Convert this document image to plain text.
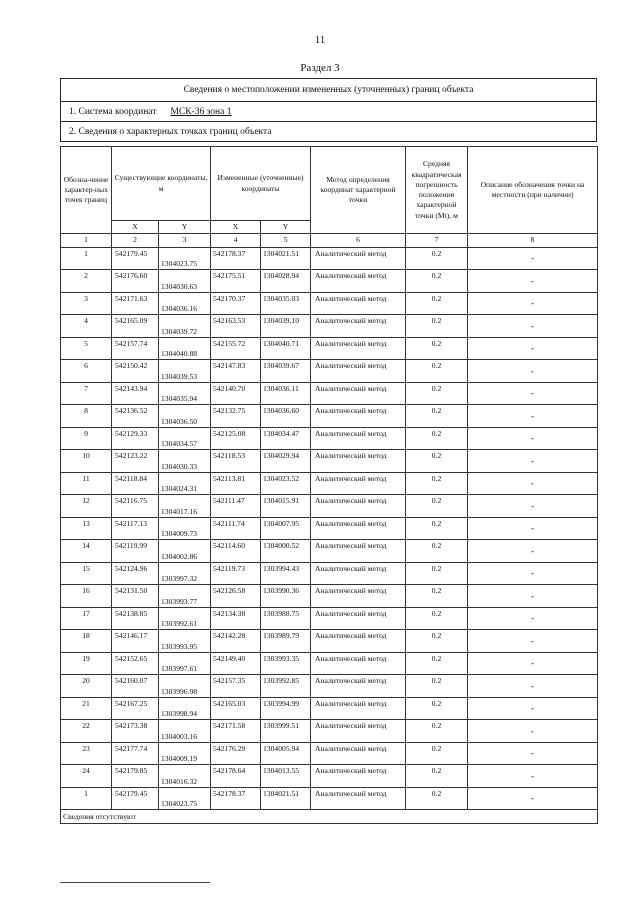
11
Раздел 3
Сведения о местоположении измененных (уточненных) границ объекта
1. Система координат МСК-36 зона 1
2. Сведения о характерных точках границ объекта
Обозна-чение характер-ных точек границ	Существующие координаты, м		Измененные (уточненные) координаты		Метод определения координат характерной точки	Средняя квадратическая погрешность положения характерной точки (Mt), м	Описание обозначения точки на местности (при наличии)
	X	Y	X	Y			
1	2	3	4	5	6	7	8
1	542179.45	1304023.75	542178.37	1304021.51	Аналитический метод	0.2	-
2	542176.60	1304030.63	542175.51	1304028.94	Аналитический метод	0.2	-
3	542171.63	1304036.16	542170.37	1304035.03	Аналитический метод	0.2	-
4	542165.09	1304039.72	542163.53	1304039.10	Аналитический метод	0.2	-
5	542157.74	1304040.88	542155.72	1304040.71	Аналитический метод	0.2	-
6	542150.42	1304039.53	542147.83	1304039.67	Аналитический метод	0.2	-
7	542143.94	1304035.94	542140.70	1304036.11	Аналитический метод	0.2	-
8	542136.52	1304036.50	542132.75	1304036.60	Аналитический метод	0.2	-
9	542129.33	1304034.57	542125.08	1304034.47	Аналитический метод	0.2	-
10	542123.22	1304030.33	542118.53	1304029.94	Аналитический метод	0.2	-
11	542118.84	1304024.31	542113.81	1304023.52	Аналитический метод	0.2	-
12	542116.75	1304017.16	542111.47	1304015.91	Аналитический метод	0.2	-
13	542117.13	1304009.73	542111.74	1304007.95	Аналитический метод	0.2	-
14	542119.99	1304002.86	542114.60	1304000.52	Аналитический метод	0.2	-
15	542124.96	1303997.32	542119.73	1303994.43	Аналитический метод	0.2	-
16	542131.50	1303993.77	542126.58	1303990.36	Аналитический метод	0.2	-
17	542138.85	1303992.61	542134.38	1303988.75	Аналитический метод	0.2	-
18	542146.17	1303993.95	542142.28	1303989.79	Аналитический метод	0.2	-
19	542152.65	1303997.61	542149.40	1303993.35	Аналитический метод	0.2	-
20	542160.07	1303996.98	542157.35	1303992.85	Аналитический метод	0.2	-
21	542167.25	1303998.94	542165.03	1303994.99	Аналитический метод	0.2	-
22	542173.38	1304003.16	542171.58	1303999.51	Аналитический метод	0.2	-
23	542177.74	1304009.19	542176.29	1304005.94	Аналитический метод	0.2	-
24	542179.85	1304016.32	542178.64	1304013.55	Аналитический метод	0.2	-
1	542179.45	1304023.75	542178.37	1304021.51	Аналитический метод	0.2	-
Сведения отсутствуют							
